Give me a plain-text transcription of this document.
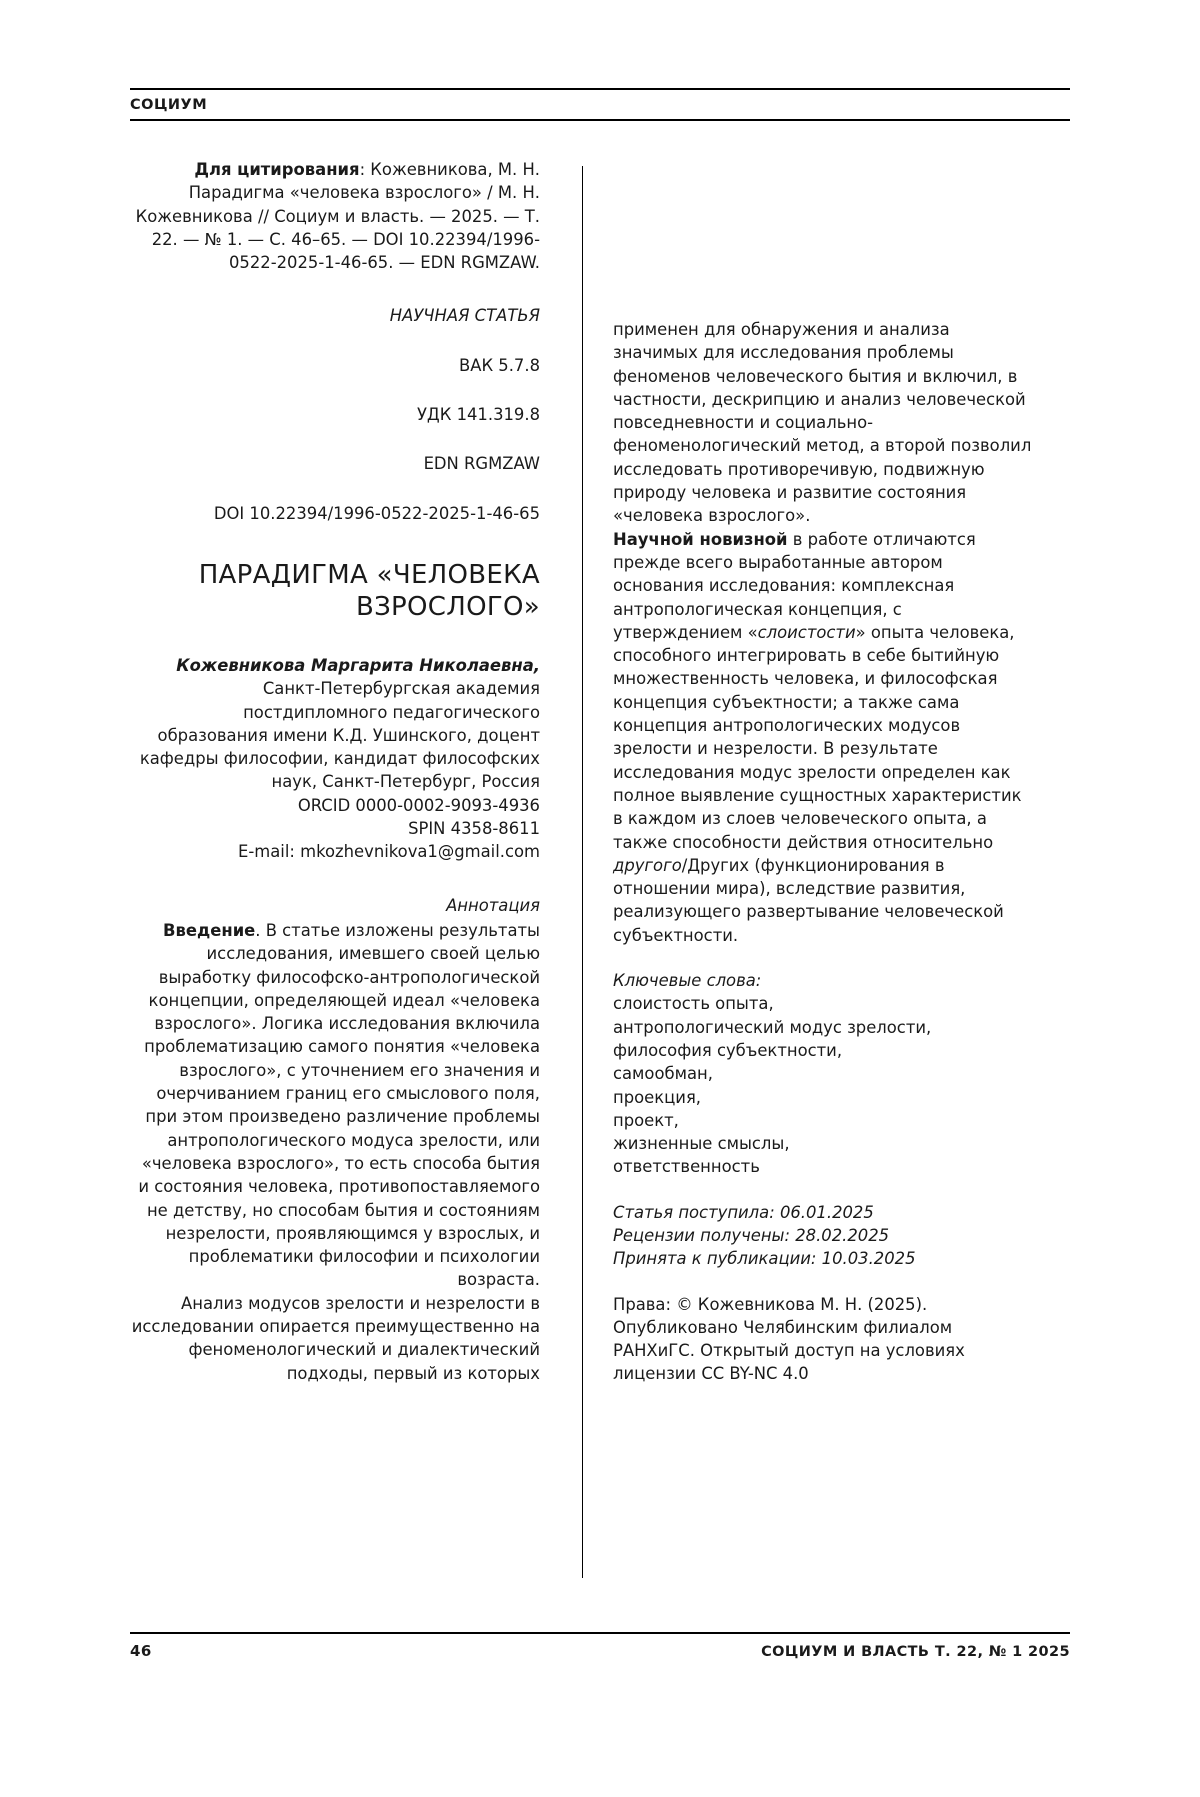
СОЦИУМ
Для цитирования: Кожевникова, М. Н. Парадигма «человека взрослого» / М. Н. Кожевникова // Социум и власть. — 2025. — Т. 22. — № 1. — С. 46–65. — DOI 10.22394/1996-0522-2025-1-46-65. — EDN RGMZAW.
НАУЧНАЯ СТАТЬЯ
ВАК 5.7.8
УДК 141.319.8
EDN RGMZAW
DOI 10.22394/1996-0522-2025-1-46-65
ПАРАДИГМА «ЧЕЛОВЕКА ВЗРОСЛОГО»
Кожевникова Маргарита Николаевна, Санкт-Петербургская академия постдипломного педагогического образования имени К.Д. Ушинского, доцент кафедры философии, кандидат философских наук, Санкт-Петербург, Россия
ORCID 0000-0002-9093-4936
SPIN 4358-8611
E-mail: mkozhevnikova1@gmail.com
Аннотация
Введение. В статье изложены результаты исследования, имевшего своей целью выработку философско-антропологической концепции, определяющей идеал «человека взрослого». Логика исследования включила проблематизацию самого понятия «человека взрослого», с уточнением его значения и очерчиванием границ его смыслового поля, при этом произведено различение проблемы антропологического модуса зрелости, или «человека взрослого», то есть способа бытия и состояния человека, противопоставляемого не детству, но способам бытия и состояниям незрелости, проявляющимся у взрослых, и проблематики философии и психологии возраста.
Анализ модусов зрелости и незрелости в исследовании опирается преимущественно на феноменологический и диалектический подходы, первый из которых
применен для обнаружения и анализа значимых для исследования проблемы феноменов человеческого бытия и включил, в частности, дескрипцию и анализ человеческой повседневности и социально-феноменологический метод, а второй позволил исследовать противоречивую, подвижную природу человека и развитие состояния «человека взрослого».
Научной новизной в работе отличаются прежде всего выработанные автором основания исследования: комплексная антропологическая концепция, с утверждением «слоистости» опыта человека, способного интегрировать в себе бытийную множественность человека, и философская концепция субъектности; а также сама концепция антропологических модусов зрелости и незрелости. В результате исследования модус зрелости определен как полное выявление сущностных характеристик в каждом из слоев человеческого опыта, а также способности действия относительно другого/Других (функционирования в отношении мира), вследствие развития, реализующего развертывание человеческой субъектности.
Ключевые слова:
слоистость опыта,
антропологический модус зрелости,
философия субъектности,
самообман,
проекция,
проект,
жизненные смыслы,
ответственность
Статья поступила: 06.01.2025
Рецензии получены: 28.02.2025
Принята к публикации: 10.03.2025
Права: © Кожевникова М. Н. (2025). Опубликовано Челябинским филиалом РАНХиГС. Открытый доступ на условиях лицензии CC BY-NC 4.0
46	СОЦИУМ И ВЛАСТЬ Т. 22, № 1 2025
